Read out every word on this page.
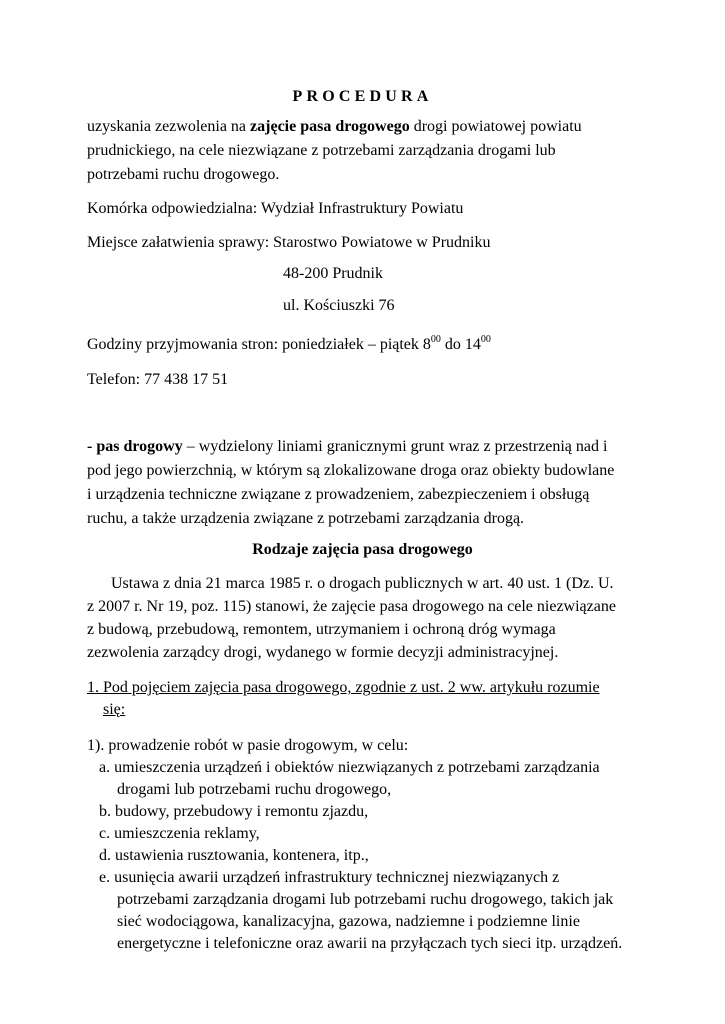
PROCEDURA
uzyskania zezwolenia na zajęcie pasa drogowego drogi powiatowej powiatu
prudnickiego, na cele niezwiązane z potrzebami zarządzania drogami lub
potrzebami ruchu drogowego.
Komórka odpowiedzialna: Wydział Infrastruktury Powiatu
Miejsce załatwienia sprawy: Starostwo Powiatowe w Prudniku
48-200 Prudnik
ul. Kościuszki 76
Godziny przyjmowania stron: poniedziałek – piątek $8^{00}$ do $14^{00}$
Telefon: 77 438 17 51
- pas drogowy – wydzielony liniami granicznymi grunt wraz z przestrzenią nad i
pod jego powierzchnią, w którym są zlokalizowane droga oraz obiekty budowlane
i urządzenia techniczne związane z prowadzeniem, zabezpieczeniem i obsługą
ruchu, a także urządzenia związane z potrzebami zarządzania drogą.
Rodzaje zajęcia pasa drogowego
Ustawa z dnia 21 marca 1985 r. o drogach publicznych w art. 40 ust. 1 (Dz. U.
z 2007 r. Nr 19, poz. 115) stanowi, że zajęcie pasa drogowego na cele niezwiązane
z budową, przebudową, remontem, utrzymaniem i ochroną dróg wymaga
zezwolenia zarządcy drogi, wydanego w formie decyzji administracyjnej.
1. Pod pojęciem zajęcia pasa drogowego, zgodnie z ust. 2 ww. artykułu rozumie
się:
1). prowadzenie robót w pasie drogowym, w celu:
a. umieszczenia urządzeń i obiektów niezwiązanych z potrzebami zarządzania
drogami lub potrzebami ruchu drogowego,
b. budowy, przebudowy i remontu zjazdu,
c. umieszczenia reklamy,
d. ustawienia rusztowania, kontenera, itp.,
e. usunięcia awarii urządzeń infrastruktury technicznej niezwiązanych z
potrzebami zarządzania drogami lub potrzebami ruchu drogowego, takich jak
sieć wodociągowa, kanalizacyjna, gazowa, nadziemne i podziemne linie
energetyczne i telefoniczne oraz awarii na przyłączach tych sieci itp. urządzeń.
